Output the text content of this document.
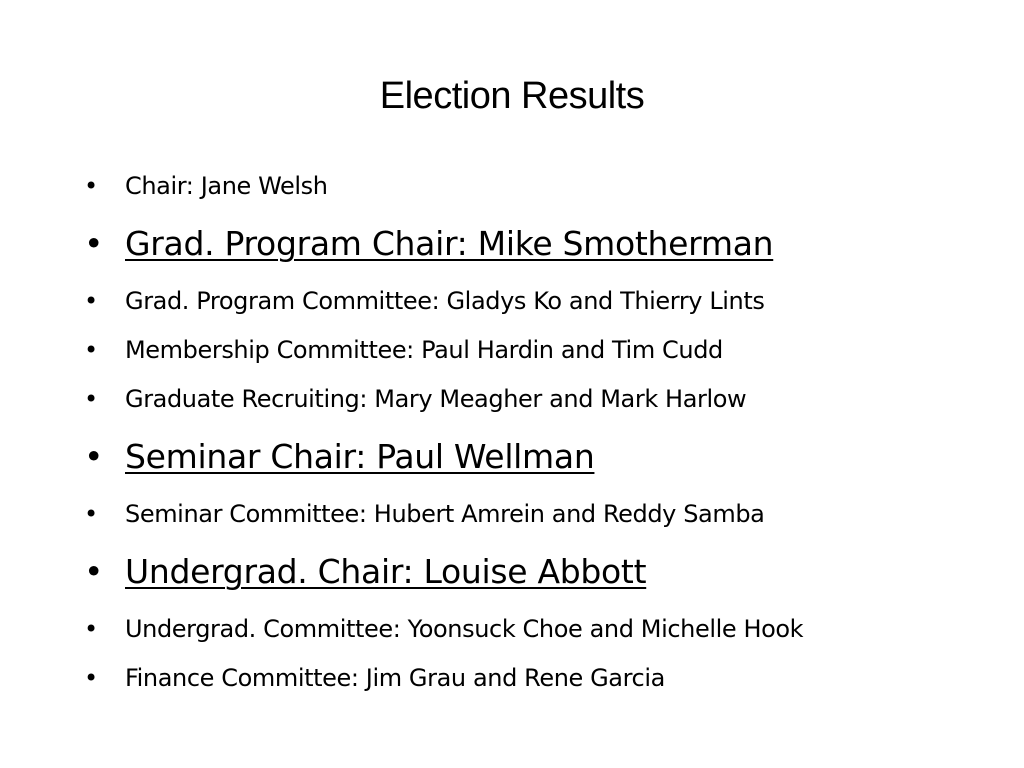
Election Results
• Chair: Jane Welsh
• Grad. Program Chair: Mike Smotherman
• Grad. Program Committee: Gladys Ko and Thierry Lints
• Membership Committee: Paul Hardin and Tim Cudd
• Graduate Recruiting: Mary Meagher and Mark Harlow
• Seminar Chair: Paul Wellman
• Seminar Committee: Hubert Amrein and Reddy Samba
• Undergrad. Chair: Louise Abbott
• Undergrad. Committee: Yoonsuck Choe and Michelle Hook
• Finance Committee: Jim Grau and Rene Garcia
